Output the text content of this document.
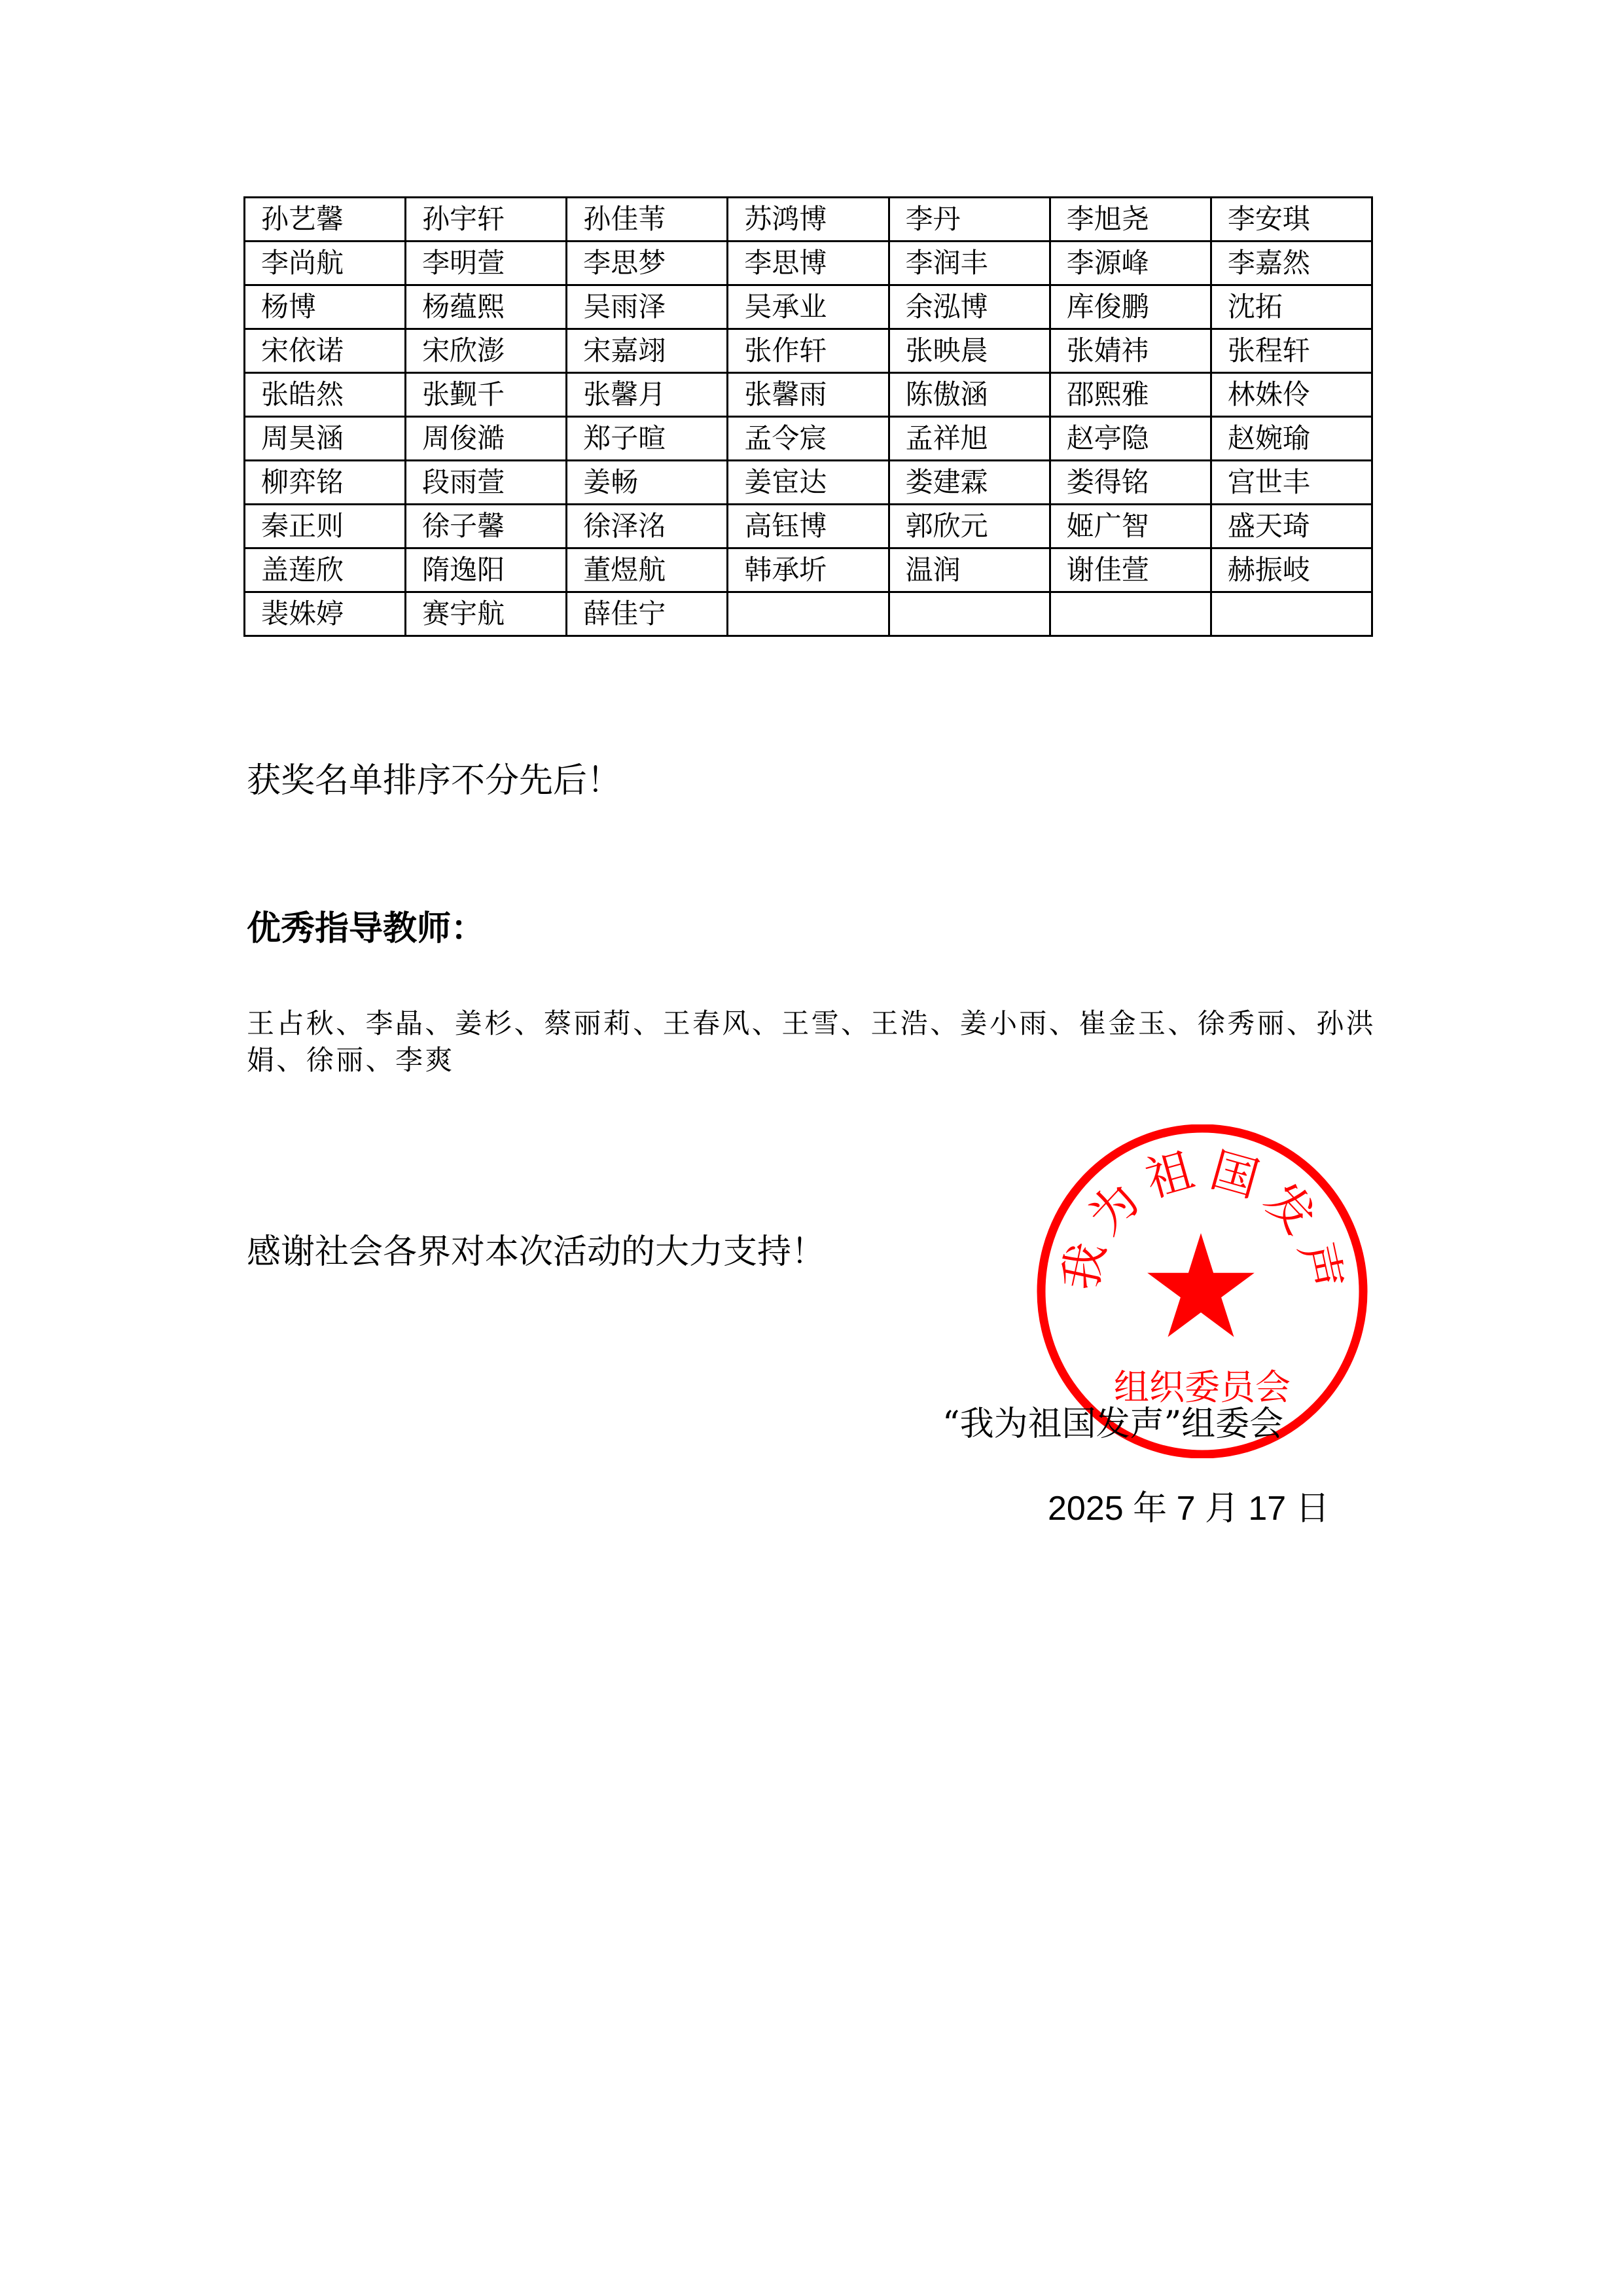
孙艺馨	孙宇轩	孙佳苇	苏鸿博	李丹	李旭尧	李安琪
李尚航	李明萱	李思梦	李思博	李润丰	李源峰	李嘉然
杨博	杨蕴熙	吴雨泽	吴承业	余泓博	库俊鹏	沈拓
宋依诺	宋欣澎	宋嘉翊	张作轩	张映晨	张婧祎	张程轩
张皓然	张觐千	张馨月	张馨雨	陈傲涵	邵熙雅	林姝伶
周昊涵	周俊澔	郑子暄	孟令宸	孟祥旭	赵亭隐	赵婉瑜
柳弈铭	段雨萱	姜畅	姜宦达	娄建霖	娄得铭	宫世丰
秦正则	徐子馨	徐泽洺	高钰博	郭欣元	姬广智	盛天琦
盖莲欣	隋逸阳	董煜航	韩承圻	温润	谢佳萱	赫振岐
裴姝婷	赛宇航	薛佳宁				
获奖名单排序不分先后！
优秀指导教师：
王占秋、李晶、姜杉、蔡丽莉、王春风、王雪、王浩、姜小雨、崔金玉、徐秀丽、孙洪娟、徐丽、李爽
感谢社会各界对本次活动的大力支持！
“我为祖国发声”组委会
2025 年 7 月 17 日
我
为
祖 国
发
声
组织委员会
